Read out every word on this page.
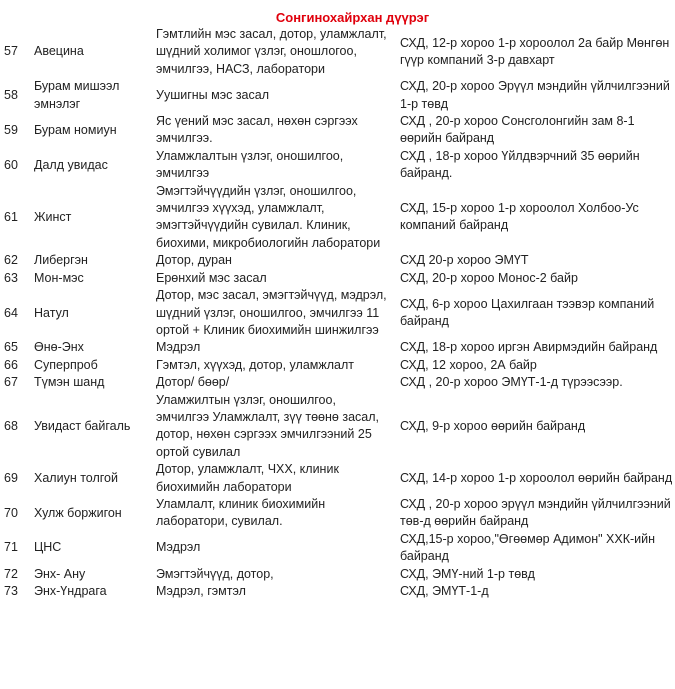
Сонгинохайрхан дүүрэг
57	Авецина	Гэмтлийн мэс засал, дотор, уламжлалт, шүдний холимог үзлэг, оношлогоо, эмчилгээ, НАСЗ, лаборатори	СХД, 12-р хороо 1-р хороолол 2а байр Мөнгөн гүүр компаний 3-р давхарт
58	Бурам мишээл эмнэлэг	Уушигны мэс засал	СХД, 20-р хороо Эрүүл мэндийн үйлчилгээний 1-р төвд
59	Бурам номиун	Яс үений мэс засал, нөхөн сэргээх эмчилгээ.	СХД , 20-р хороо Сонсголонгийн зам 8-1 өөрийн байранд
60	Далд увидас	Уламжлалтын үзлэг, оношилгоо, эмчилгээ	СХД , 18-р хороо Үйлдвэрчний 35 өөрийн байранд.
61	Жинст	Эмэгтэйчүүдийн үзлэг, оношилгоо, эмчилгээ хүүхэд, уламжлалт, эмэгтэйчүүдийн сувилал. Клиник, биохими, микробиологийн лаборатори	СХД, 15-р хороо 1-р хороолол Холбоо-Ус компаний байранд
62	Либергэн	Дотор, дуран	СХД 20-р хороо ЭМҮТ
63	Мон-мэс	Ерөнхий мэс засал	СХД, 20-р хороо Монос-2 байр
64	Натул	Дотор, мэс засал, эмэгтэйчүүд, мэдрэл, шүдний үзлэг, оношилгоо, эмчилгээ 11 ортой + Клиник биохимийн шинжилгээ	СХД, 6-р хороо Цахилгаан тээвэр компаний байранд
65	Өнө-Энх	Мэдрэл	СХД, 18-р хороо иргэн Авирмэдийн байранд
66	Суперпроб	Гэмтэл, хүүхэд, дотор, уламжлалт	СХД, 12 хороо, 2А байр
67	Түмэн шанд	Дотор/ бөөр/	СХД , 20-р хороо ЭМҮТ-1-д түрээсээр.
68	Увидаст байгаль	Уламжилтын үзлэг, оношилгоо, эмчилгээ Уламжлалт, зүү төөнө засал, дотор, нөхөн сэргээх эмчилгээний 25 ортой сувилал	СХД, 9-р хороо өөрийн байранд
69	Халиун толгой	Дотор, уламжлалт, ЧХХ, клиник биохимийн лаборатори	СХД, 14-р хороо 1-р хороолол өөрийн байранд
70	Хулж боржигон	Уламлалт, клиник биохимийн лаборатори, сувилал.	СХД , 20-р хороо эрүүл мэндийн үйлчилгээний төв-д өөрийн байранд
71	ЦНС	Мэдрэл	СХД,15-р хороо,"Өгөөмөр Адимон" ХХК-ийн байранд
72	Энх- Ану	Эмэгтэйчүүд, дотор,	СХД, ЭМҮ-ний 1-р төвд
73	Энх-Үндрага	Мэдрэл, гэмтэл	СХД, ЭМҮТ-1-д
